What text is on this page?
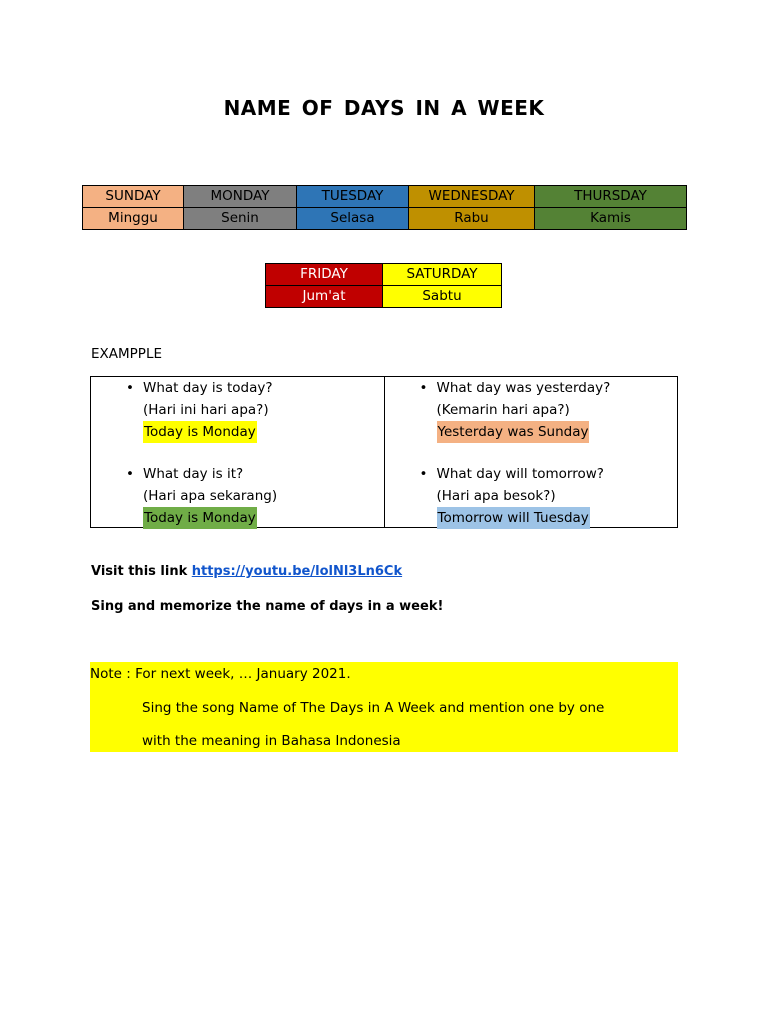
NAME OF DAYS IN A WEEK
SUNDAY	MONDAY	TUESDAY	WEDNESDAY	THURSDAY
Minggu	Senin	Selasa	Rabu	Kamis
FRIDAY	SATURDAY
Jum'at	Sabtu
EXAMPPLE
• What day is today?
(Hari ini hari apa?)
Today is Monday
• What day is it?
(Hari apa sekarang)
Today is Monday
• What day was yesterday?
(Kemarin hari apa?)
Yesterday was Sunday
• What day will tomorrow?
(Hari apa besok?)
Tomorrow will Tuesday
Visit this link https://youtu.be/lolNl3Ln6Ck
Sing and memorize the name of days in a week!
Note : For next week, … January 2021.
Sing the song Name of The Days in A Week and mention one by one
with the meaning in Bahasa Indonesia
